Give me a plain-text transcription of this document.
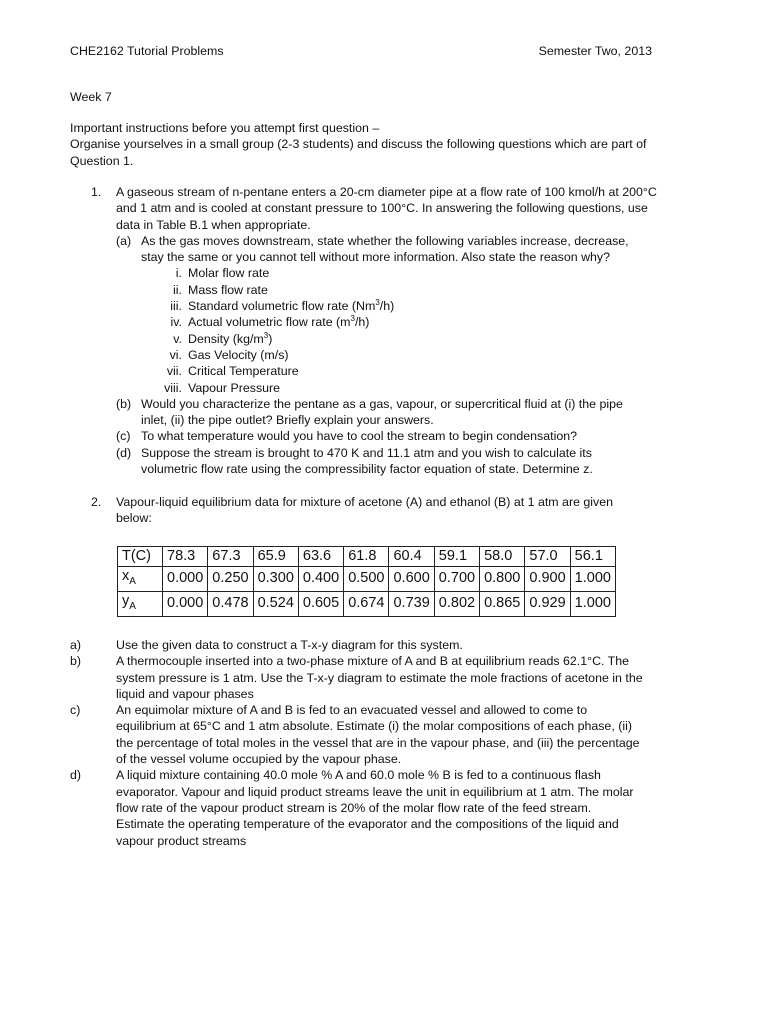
CHE2162 Tutorial Problems	Semester Two, 2013
Week 7
Important instructions before you attempt first question –
Organise yourselves in a small group (2-3 students) and discuss the following questions which are part of
Question 1.
1.	A gaseous stream of n-pentane enters a 20-cm diameter pipe at a flow rate of 100 kmol/h at 200°C
and 1 atm and is cooled at constant pressure to 100°C. In answering the following questions, use
data in Table B.1 when appropriate.
(a) As the gas moves downstream, state whether the following variables increase, decrease,
stay the same or you cannot tell without more information. Also state the reason why?
i. Molar flow rate
ii. Mass flow rate
iii. Standard volumetric flow rate (Nm$^3$/h)
iv. Actual volumetric flow rate $(m^3/h)$
v. Density $(kg/m^3)$
vi. Gas Velocity (m/s)
vii. Critical Temperature
viii. Vapour Pressure
(b) Would you characterize the pentane as a gas, vapour, or supercritical fluid at (i) the pipe
inlet, (ii) the pipe outlet? Briefly explain your answers.
(c) To what temperature would you have to cool the stream to begin condensation?
(d) Suppose the stream is brought to 470 K and 11.1 atm and you wish to calculate its
volumetric flow rate using the compressibility factor equation of state. Determine z.
2.	Vapour-liquid equilibrium data for mixture of acetone (A) and ethanol (B) at 1 atm are given
below:
T(C)	78.3	67.3	65.9	63.6	61.8	60.4	59.1	58.0	57.0	56.1
$x_A$	0.000	0.250	0.300	0.400	0.500	0.600	0.700	0.800	0.900	1.000
$y_A$	0.000	0.478	0.524	0.605	0.674	0.739	0.802	0.865	0.929	1.000
a)	Use the given data to construct a T-x-y diagram for this system.
b)	A thermocouple inserted into a two-phase mixture of A and B at equilibrium reads 62.1°C. The
system pressure is 1 atm. Use the T-x-y diagram to estimate the mole fractions of acetone in the
liquid and vapour phases
c)	An equimolar mixture of A and B is fed to an evacuated vessel and allowed to come to
equilibrium at 65°C and 1 atm absolute. Estimate (i) the molar compositions of each phase, (ii)
the percentage of total moles in the vessel that are in the vapour phase, and (iii) the percentage
of the vessel volume occupied by the vapour phase.
d)	A liquid mixture containing 40.0 mole % A and 60.0 mole % B is fed to a continuous flash
evaporator. Vapour and liquid product streams leave the unit in equilibrium at 1 atm. The molar
flow rate of the vapour product stream is 20% of the molar flow rate of the feed stream.
Estimate the operating temperature of the evaporator and the compositions of the liquid and
vapour product streams
